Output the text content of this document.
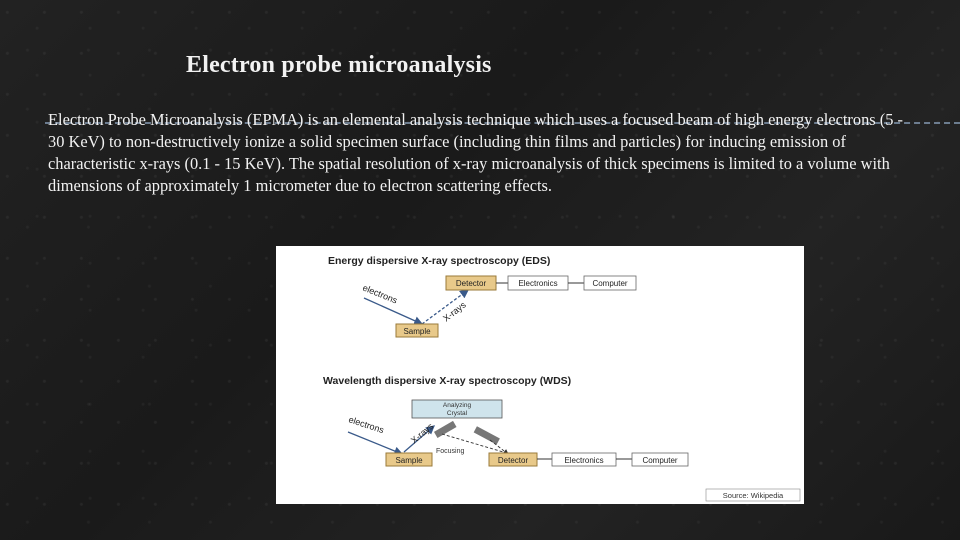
Electron probe microanalysis

Electron Probe Microanalysis (EPMA) is an elemental analysis technique which uses a focused beam of high energy electrons (5 - 30 KeV) to non-destructively ionize a solid specimen surface (including thin films and particles) for inducing emission of characteristic x-rays (0.1 - 15 KeV). The spatial resolution of x-ray microanalysis of thick specimens is limited to a volume with dimensions of approximately 1 micrometer due to electron scattering effects.

Energy dispersive X-ray spectroscopy (EDS)
electrons
X-rays
Detector	Electronics	Computer
Sample
Wavelength dispersive X-ray spectroscopy (WDS)
Analyzing
Crystal
electrons	X-rays
Focusing
Sample	Detector	Electronics	Computer
Source: Wikipedia
